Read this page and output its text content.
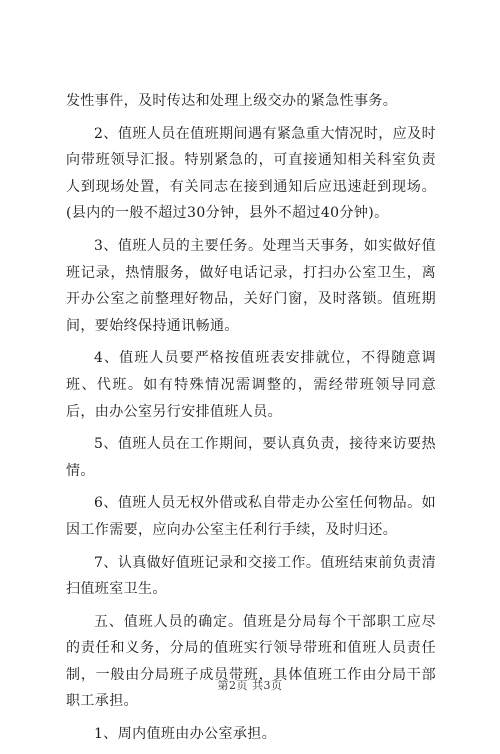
发性事件，及时传达和处理上级交办的紧急性事务。

2、值班人员在值班期间遇有紧急重大情况时，应及时向带班领导汇报。特别紧急的，可直接通知相关科室负责人到现场处置，有关同志在接到通知后应迅速赶到现场。(县内的一般不超过30分钟，县外不超过40分钟)。

3、值班人员的主要任务。处理当天事务，如实做好值班记录，热情服务，做好电话记录，打扫办公室卫生，离开办公室之前整理好物品，关好门窗，及时落锁。值班期间，要始终保持通讯畅通。

4、值班人员要严格按值班表安排就位，不得随意调班、代班。如有特殊情况需调整的，需经带班领导同意后，由办公室另行安排值班人员。

5、值班人员在工作期间，要认真负责，接待来访要热情。

6、值班人员无权外借或私自带走办公室任何物品。如因工作需要，应向办公室主任利行手续，及时归还。

7、认真做好值班记录和交接工作。值班结束前负责清扫值班室卫生。

五、值班人员的确定。值班是分局每个干部职工应尽的责任和义务，分局的值班实行领导带班和值班人员责任制，一般由分局班子成员带班，具体值班工作由分局干部职工承担。

1、周内值班由办公室承担。

第2页 共3页
